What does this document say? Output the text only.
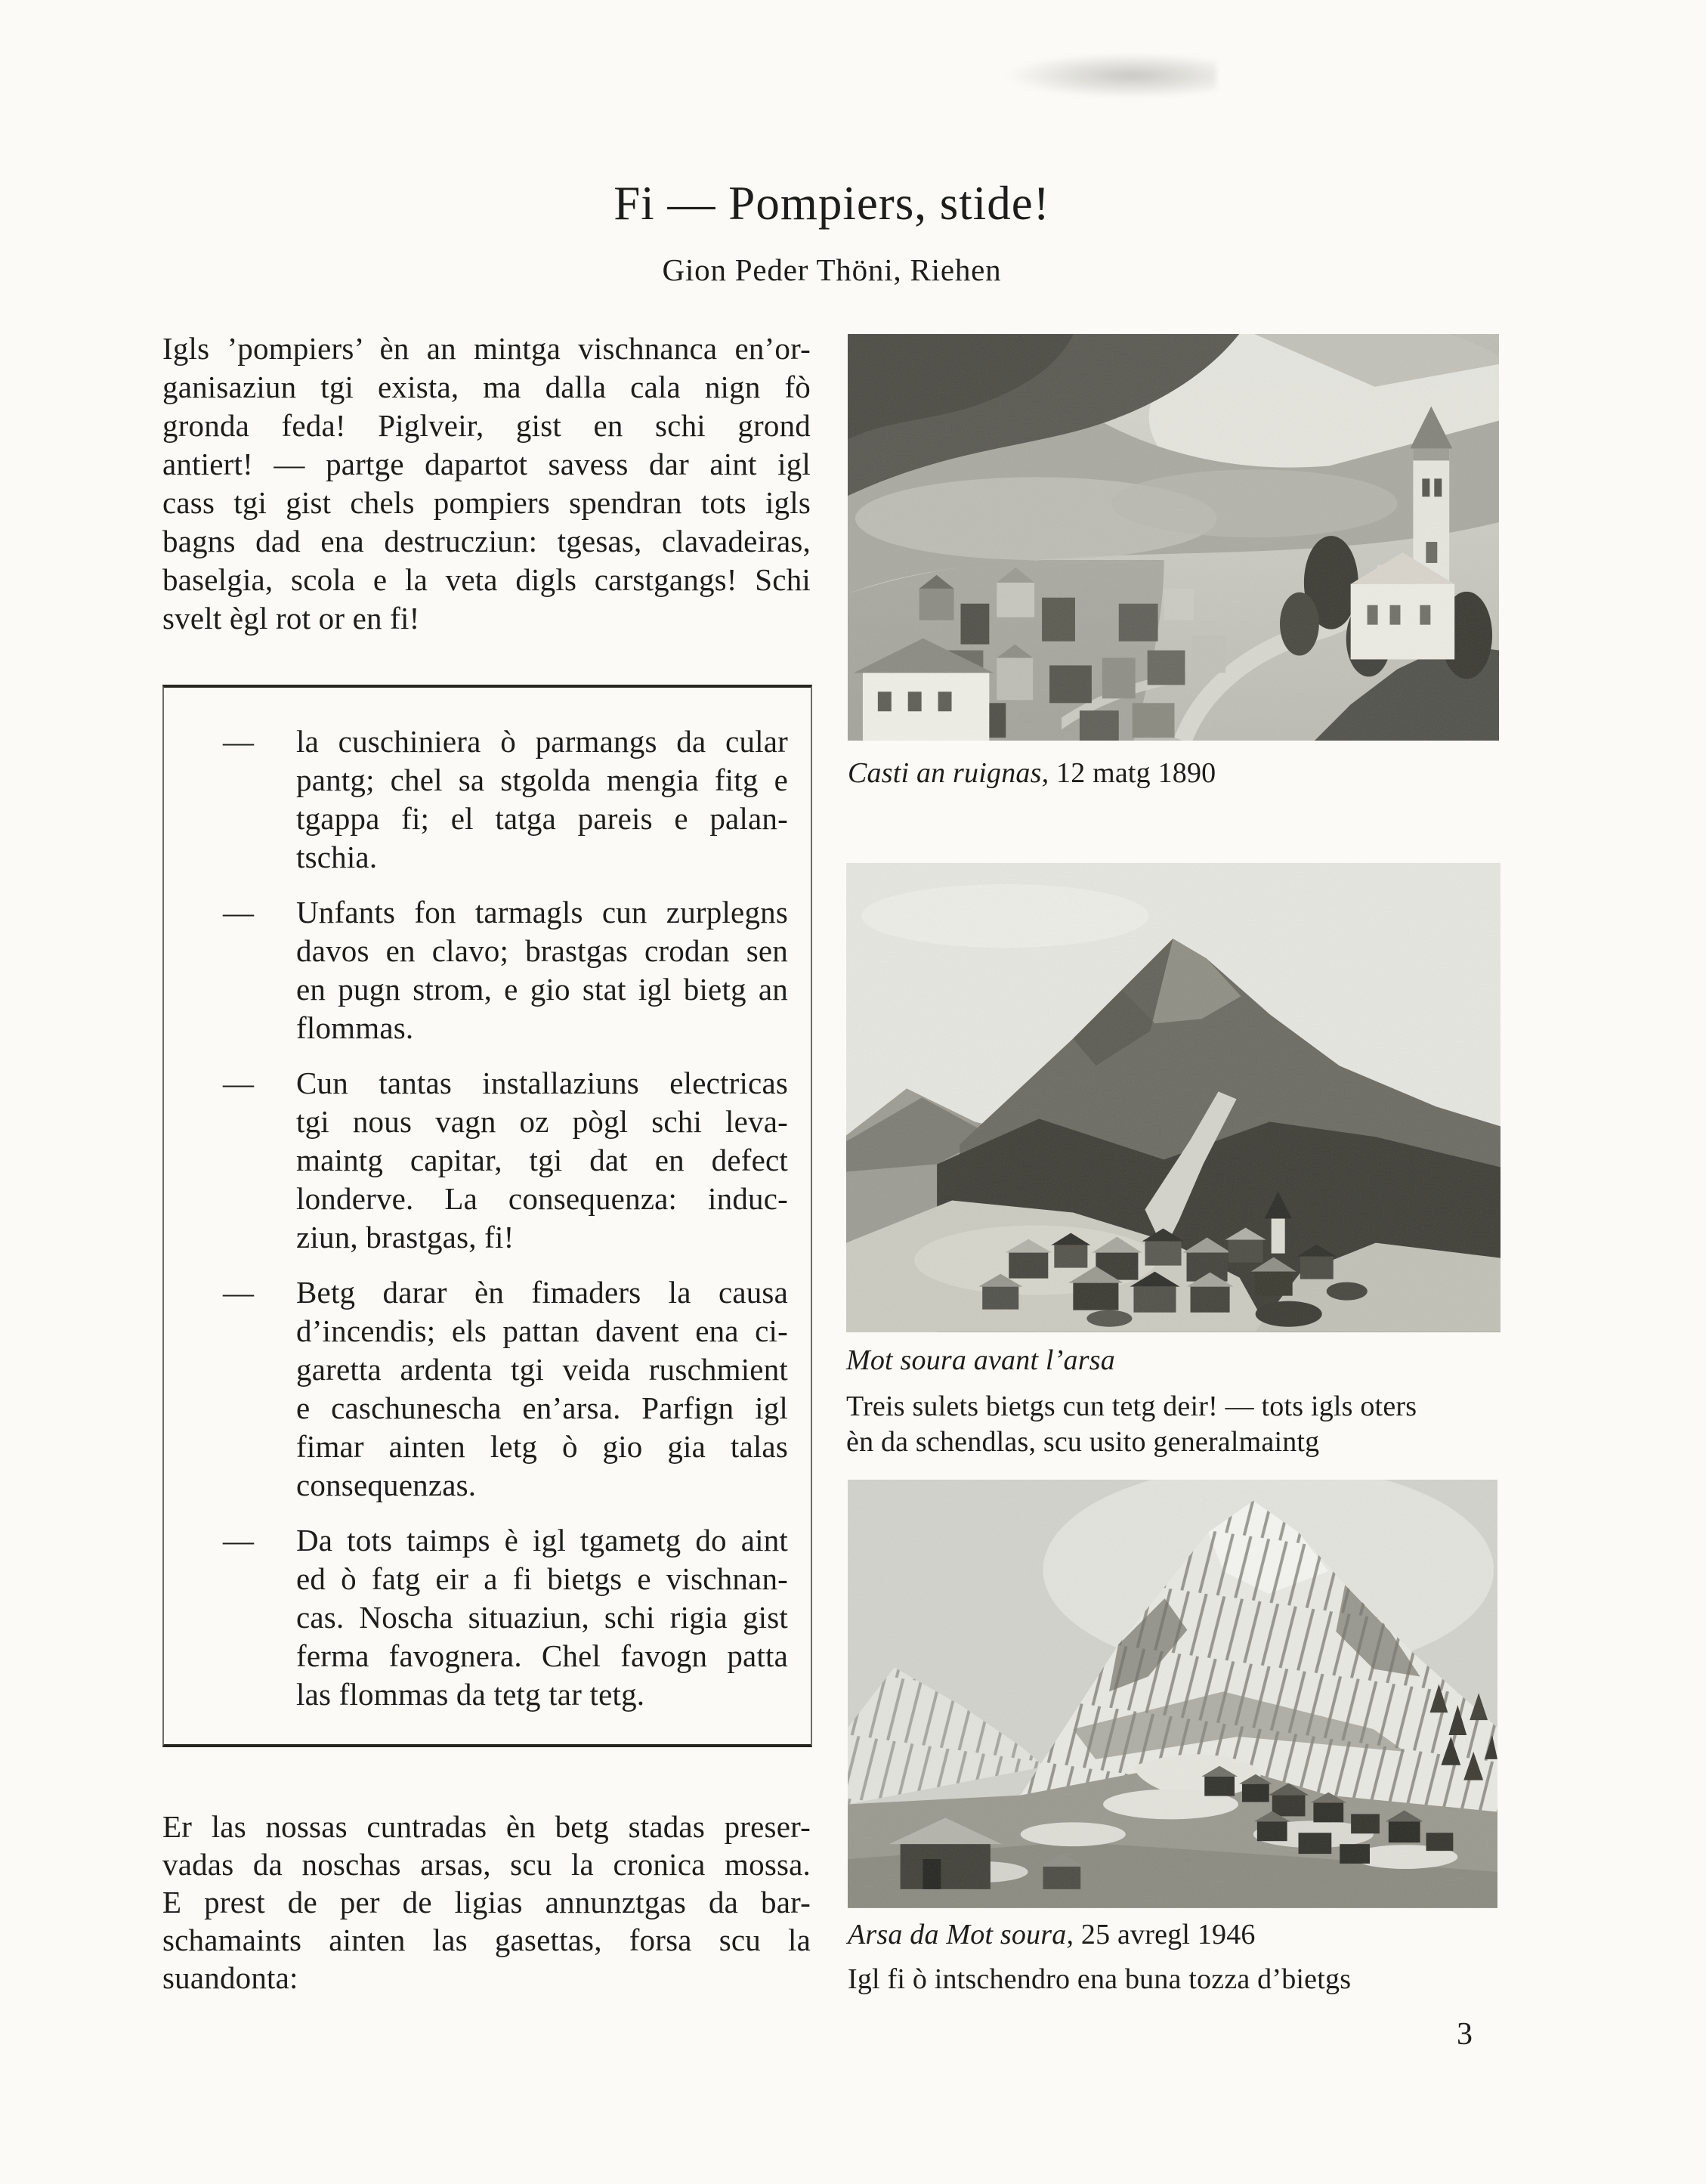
Fi — Pompiers, stide!
Gion Peder Thöni, Riehen
Igls ’pompiers’ èn an mintga vischnanca en’or-
ganisaziun tgi exista, ma dalla cala nign fò
gronda feda! Piglveir, gist en schi grond
antiert! — partge dapartot savess dar aint igl
cass tgi gist chels pompiers spendran tots igls
bagns dad ena destrucziun: tgesas, clavadeiras,
baselgia, scola e la veta digls carstgangs! Schi
svelt ègl rot or en fi!
—	la cuschiniera ò parmangs da cular
pantg; chel sa stgolda mengia fitg e
tgappa fi; el tatga pareis e palan-
tschia.
—	Unfants fon tarmagls cun zurplegns
davos en clavo; brastgas crodan sen
en pugn strom, e gio stat igl bietg an
flommas.
—	Cun tantas installaziuns electricas
tgi nous vagn oz pògl schi leva-
maintg capitar, tgi dat en defect
londerve. La consequenza: induc-
ziun, brastgas, fi!
—	Betg darar èn fimaders la causa
d’incendis; els pattan davent ena ci-
garetta ardenta tgi veida ruschmient
e caschunescha en’arsa. Parfign igl
fimar ainten letg ò gio gia talas
consequenzas.
—	Da tots taimps è igl tgametg do aint
ed ò fatg eir a fi bietgs e vischnan-
cas. Noscha situaziun, schi rigia gist
ferma favognera. Chel favogn patta
las flommas da tetg tar tetg.
Er las nossas cuntradas èn betg stadas preser-
vadas da noschas arsas, scu la cronica mossa.
E prest de per de ligias annunztgas da bar-
schamaints ainten las gasettas, forsa scu la
suandonta:
Casti an ruignas, 12 matg 1890
Mot soura avant l’arsa
Treis sulets bietgs cun tetg deir! — tots igls oters
èn da schendlas, scu usito generalmaintg
Arsa da Mot soura, 25 avregl 1946
Igl fi ò intschendro ena buna tozza d’bietgs
3
